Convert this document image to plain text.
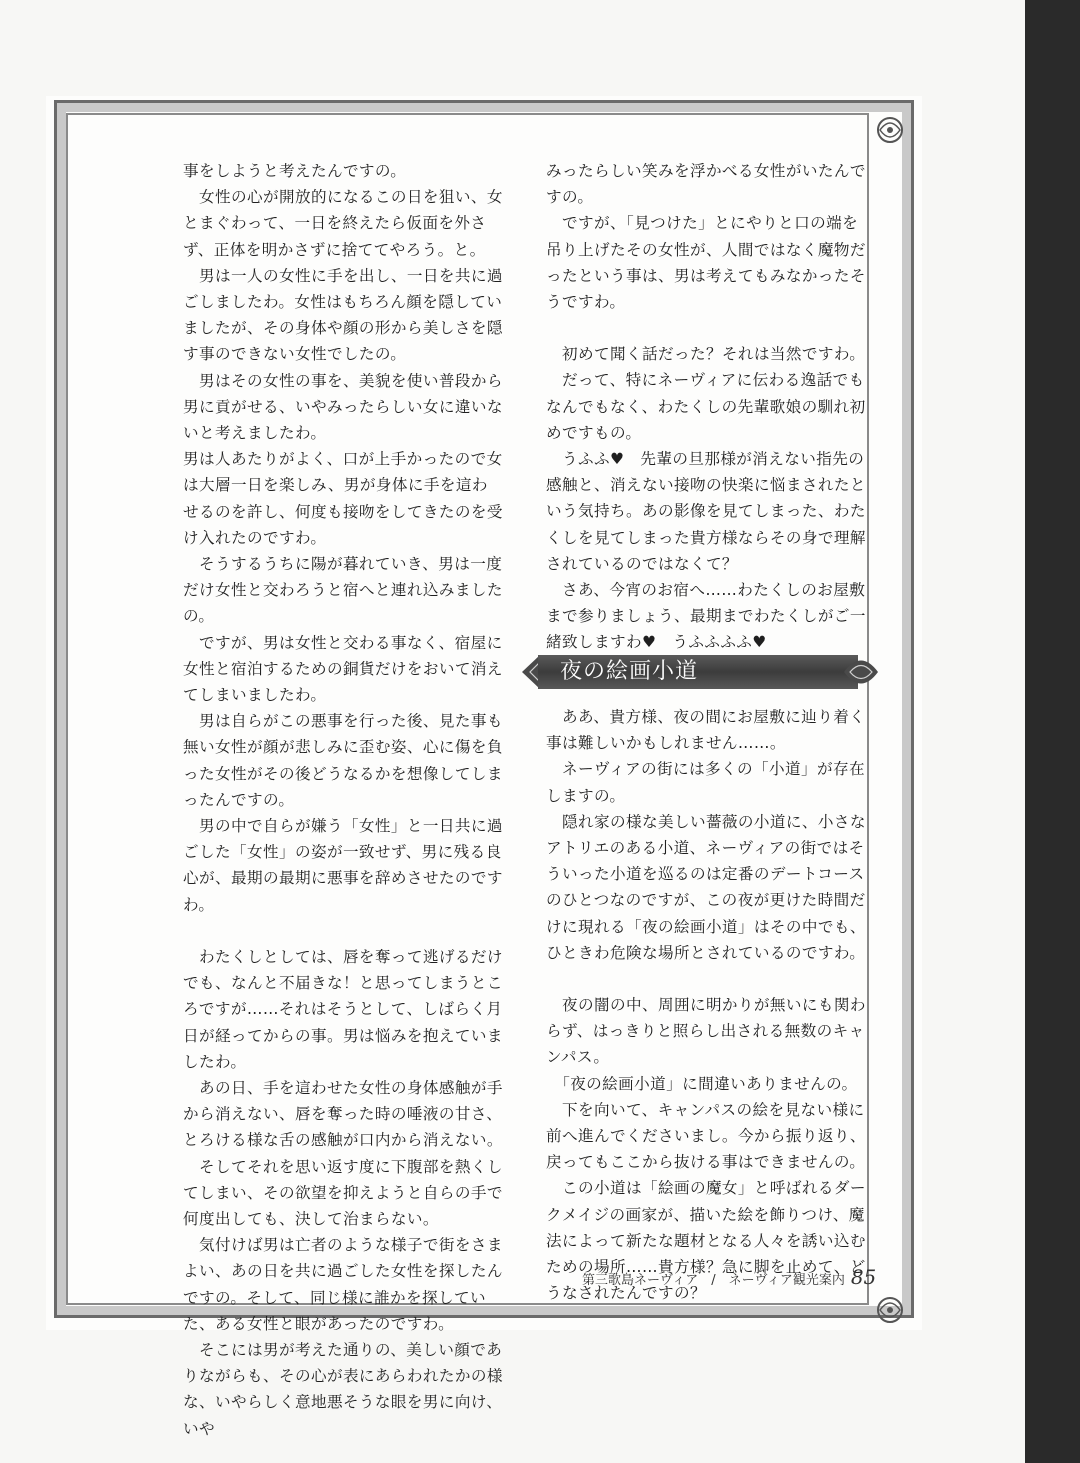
事をしようと考えたんですの。

　女性の心が開放的になるこの日を狙い、女とまぐわって、一日を終えたら仮面を外さず、正体を明かさずに捨ててやろう。と。

　男は一人の女性に手を出し、一日を共に過ごしましたわ。女性はもちろん顔を隠していましたが、その身体や顔の形から美しさを隠す事のできない女性でしたの。

　男はその女性の事を、美貌を使い普段から男に貢がせる、いやみったらしい女に違いないと考えましたわ。

男は人あたりがよく、口が上手かったので女は大層一日を楽しみ、男が身体に手を這わせるのを許し、何度も接吻をしてきたのを受け入れたのですわ。

　そうするうちに陽が暮れていき、男は一度だけ女性と交わろうと宿へと連れ込みましたの。

　ですが、男は女性と交わる事なく、宿屋に女性と宿泊するための銅貨だけをおいて消えてしまいましたわ。

　男は自らがこの悪事を行った後、見た事も無い女性が顔が悲しみに歪む姿、心に傷を負った女性がその後どうなるかを想像してしまったんですの。

　男の中で自らが嫌う「女性」と一日共に過ごした「女性」の姿が一致せず、男に残る良心が、最期の最期に悪事を辞めさせたのですわ。

　わたくしとしては、唇を奪って逃げるだけでも、なんと不届きな！と思ってしまうところですが……それはそうとして、しばらく月日が経ってからの事。男は悩みを抱えていましたわ。

　あの日、手を這わせた女性の身体感触が手から消えない、唇を奪った時の唾液の甘さ、とろける様な舌の感触が口内から消えない。

　そしてそれを思い返す度に下腹部を熱くしてしまい、その欲望を抑えようと自らの手で何度出しても、決して治まらない。

　気付けば男は亡者のような様子で街をさまよい、あの日を共に過ごした女性を探したんですの。そして、同じ様に誰かを探していた、ある女性と眼があったのですわ。

　そこには男が考えた通りの、美しい顔でありながらも、その心が表にあらわれたかの様な、いやらしく意地悪そうな眼を男に向け、いや

みったらしい笑みを浮かべる女性がいたんですの。

　ですが、「見つけた」とにやりと口の端を吊り上げたその女性が、人間ではなく魔物だったという事は、男は考えてもみなかったそうですわ。

　初めて聞く話だった？それは当然ですわ。

　だって、特にネーヴィアに伝わる逸話でもなんでもなく、わたくしの先輩歌娘の馴れ初めですもの。

　うふふ♥　先輩の旦那様が消えない指先の感触と、消えない接吻の快楽に悩まされたという気持ち。あの影像を見てしまった、わたくしを見てしまった貴方様ならその身で理解されているのではなくて？

　さあ、今宵のお宿へ……わたくしのお屋敷まで参りましょう、最期までわたくしがご一緒致しますわ♥　うふふふふ♥

夜の絵画小道

　ああ、貴方様、夜の間にお屋敷に辿り着く事は難しいかもしれません……。

　ネーヴィアの街には多くの「小道」が存在しますの。

　隠れ家の様な美しい薔薇の小道に、小さなアトリエのある小道、ネーヴィアの街ではそういった小道を巡るのは定番のデートコースのひとつなのですが、この夜が更けた時間だけに現れる「夜の絵画小道」はその中でも、ひときわ危険な場所とされているのですわ。

　夜の闇の中、周囲に明かりが無いにも関わらず、はっきりと照らし出される無数のキャンパス。

　「夜の絵画小道」に間違いありませんの。

　下を向いて、キャンパスの絵を見ない様に前へ進んでくださいまし。今から振り返り、戻ってもここから抜ける事はできませんの。

　この小道は「絵画の魔女」と呼ばれるダークメイジの画家が、描いた絵を飾りつけ、魔法によって新たな題材となる人々を誘い込むための場所……貴方様？急に脚を止めて、どうなされたんですの？

第三歌島ネーヴィア　/　ネーヴィア観光案内 85
